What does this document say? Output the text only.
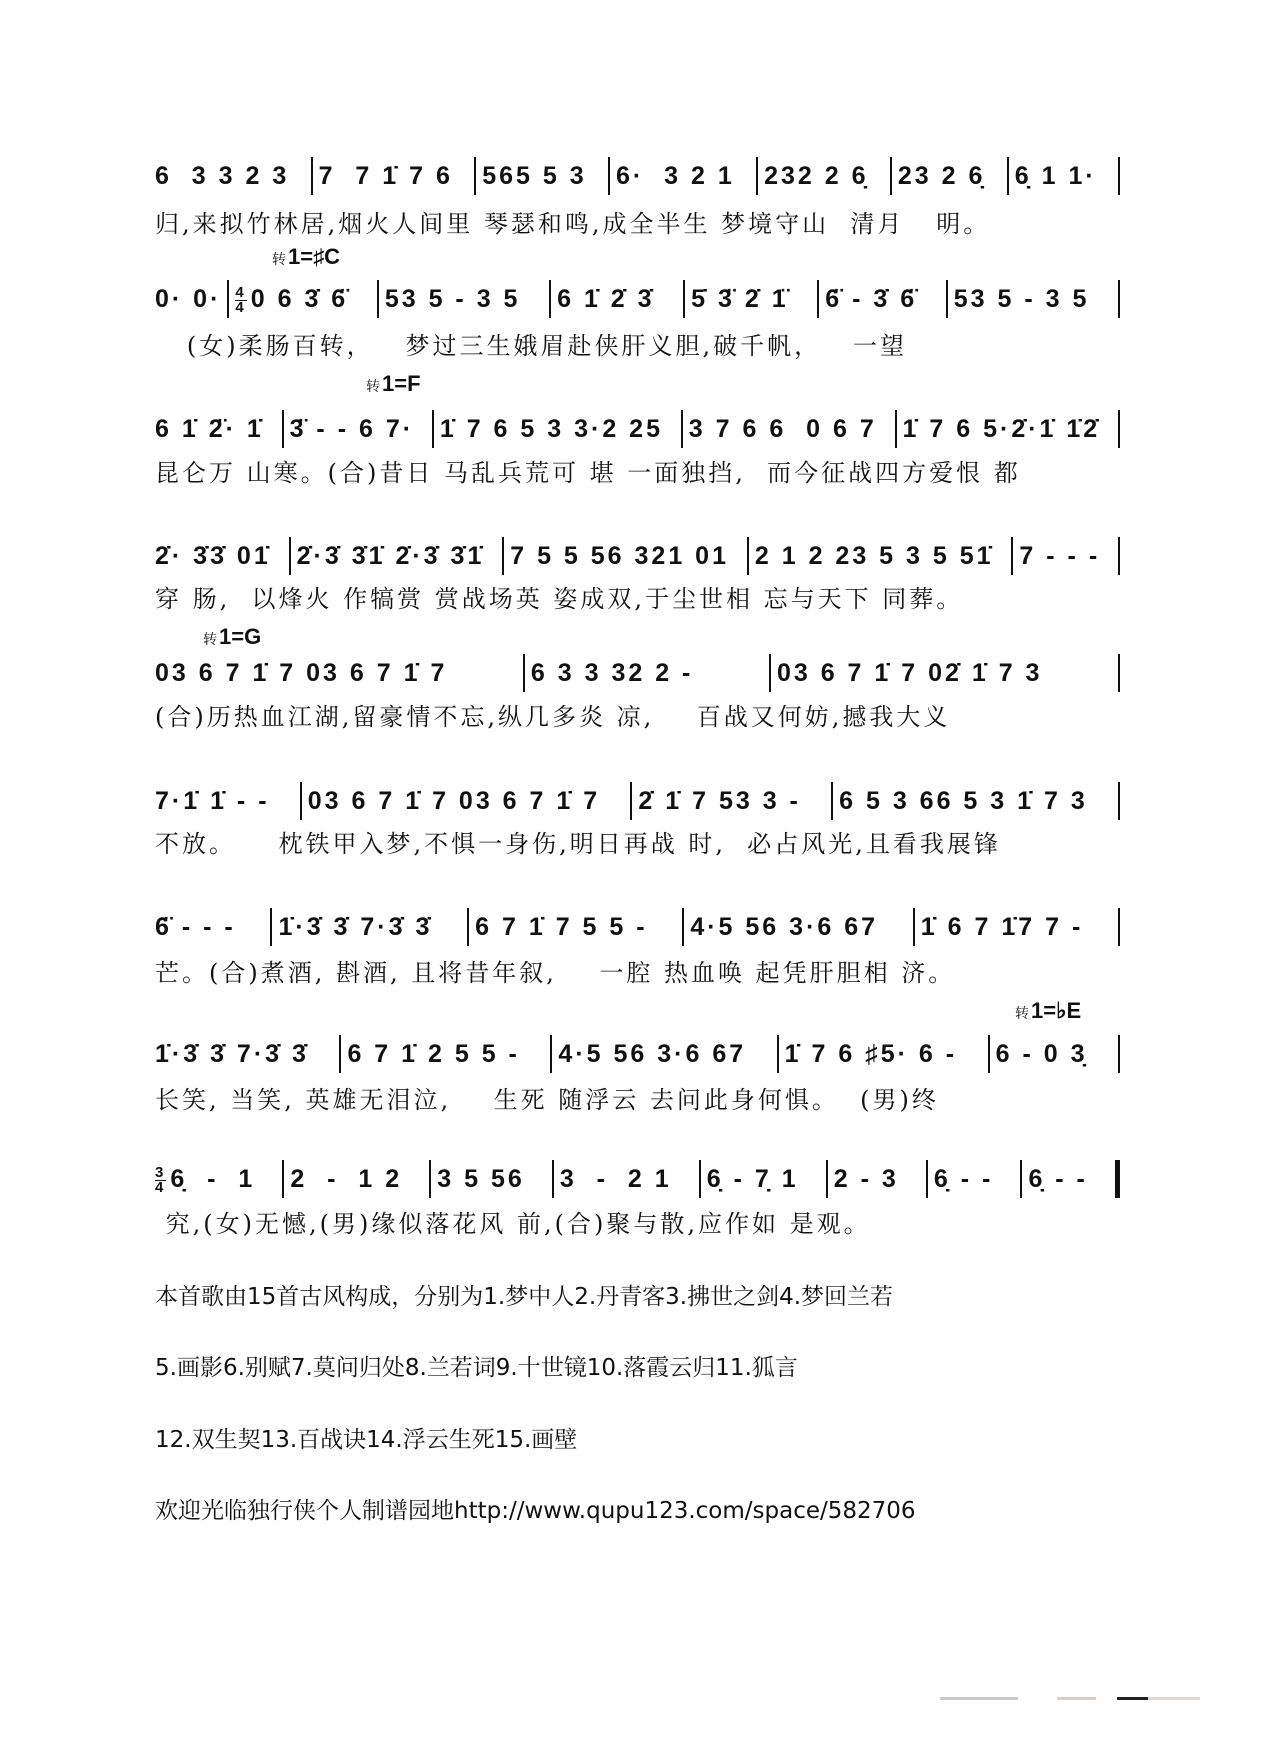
转1=♯C
转1=F
转1=G
转1=♭E
6  3 3 2 3	7  7 1̇ 7 6	565 5 3	6·  3 2 1	232 2 6̣	23 2 6̣	6̣ 1 1·
归,来拟竹林居,烟火人间里 琴瑟和鸣,成全半生 梦境守山  清月   明。
$0\cdot 0\cdot \frac{4}{4} 0$ 6 3̇ 6̈	53 5 - 3 5	6 1̇ 2̇ 3̇	5̇ 3̈ 2̇ 1̈	6̈ - 3̇ 6̈	53 5 - 3 5
(女)柔肠百转，   梦过三生娥眉赴侠肝义胆,破千帆，   一望
6 1̇ 2̈· 1̇	3̈ - - 6 7·	1̇ 7 6 5 3 3·2 25	3 7 6 6  0 6 7	1̇ 7 6 5·2̇·1̇ 1̇2̇
昆仑万 山寒。(合)昔日 马乱兵荒可 堪 一面独挡,  而今征战四方爱恨 都
2̇· 3̇3̇ 01̇	2̇·3̇ 3̇1̇ 2̇·3̇ 3̇1̇	7 5 5 56 321 01	2 1 2 23 5 3 5 51̇	7 - - -
穿 肠,  以烽火 作犒赏 赏战场英 姿成双,于尘世相 忘与天下 同葬。
03 6 7 1̇ 7 03 6 7 1̇ 7	6 3 3 32 2 -	03 6 7 1̇ 7 02̇ 1̇ 7 3
(合)历热血江湖,留豪情不忘,纵几多炎 凉,    百战又何妨,撼我大义
7·1̇ 1̇ - -	03 6 7 1̇ 7 03 6 7 1̇ 7	2̇ 1̇ 7 53 3 -	6 5 3 66 5 3 1̇ 7 3
不放。    枕铁甲入梦,不惧一身伤,明日再战 时,  必占风光,且看我展锋
6̈ - - -	1̇·3̇ 3̇ 7·3̇ 3̇	6 7 1̇ 7 5 5 -	4·5 56 3·6 67	1̇ 6 7 1̇7 7 -
芒。(合)煮酒, 斟酒, 且将昔年叙,    一腔 热血唤 起凭肝胆相 济。
1̇·3̇ 3̇ 7·3̇ 3̇	6 7 1̇ 2 5 5 -	4·5 56 3·6 67	1̇ 7 6 ♯5· 6 -	6 - 0 3̣
长笑, 当笑, 英雄无泪泣,    生死 随浮云 去问此身何惧。  (男)终
$\frac{3}{4}$ 6̣  -  1	2  -  1 2	3 5 56	3  -  2 1	6̣ - 7̣ 1	2 - 3	6̣ - -	6̣ - -
究,(女)无憾,(男)缘似落花风 前,(合)聚与散,应作如 是观。
本首歌由15首古风构成，分别为1.梦中人2.丹青客3.拂世之剑4.梦回兰若
5.画影6.别赋7.莫问归处8.兰若词9.十世镜10.落霞云归11.狐言
12.双生契13.百战诀14.浮云生死15.画壁
欢迎光临独行侠个人制谱园地http://www.qupu123.com/space/582706
